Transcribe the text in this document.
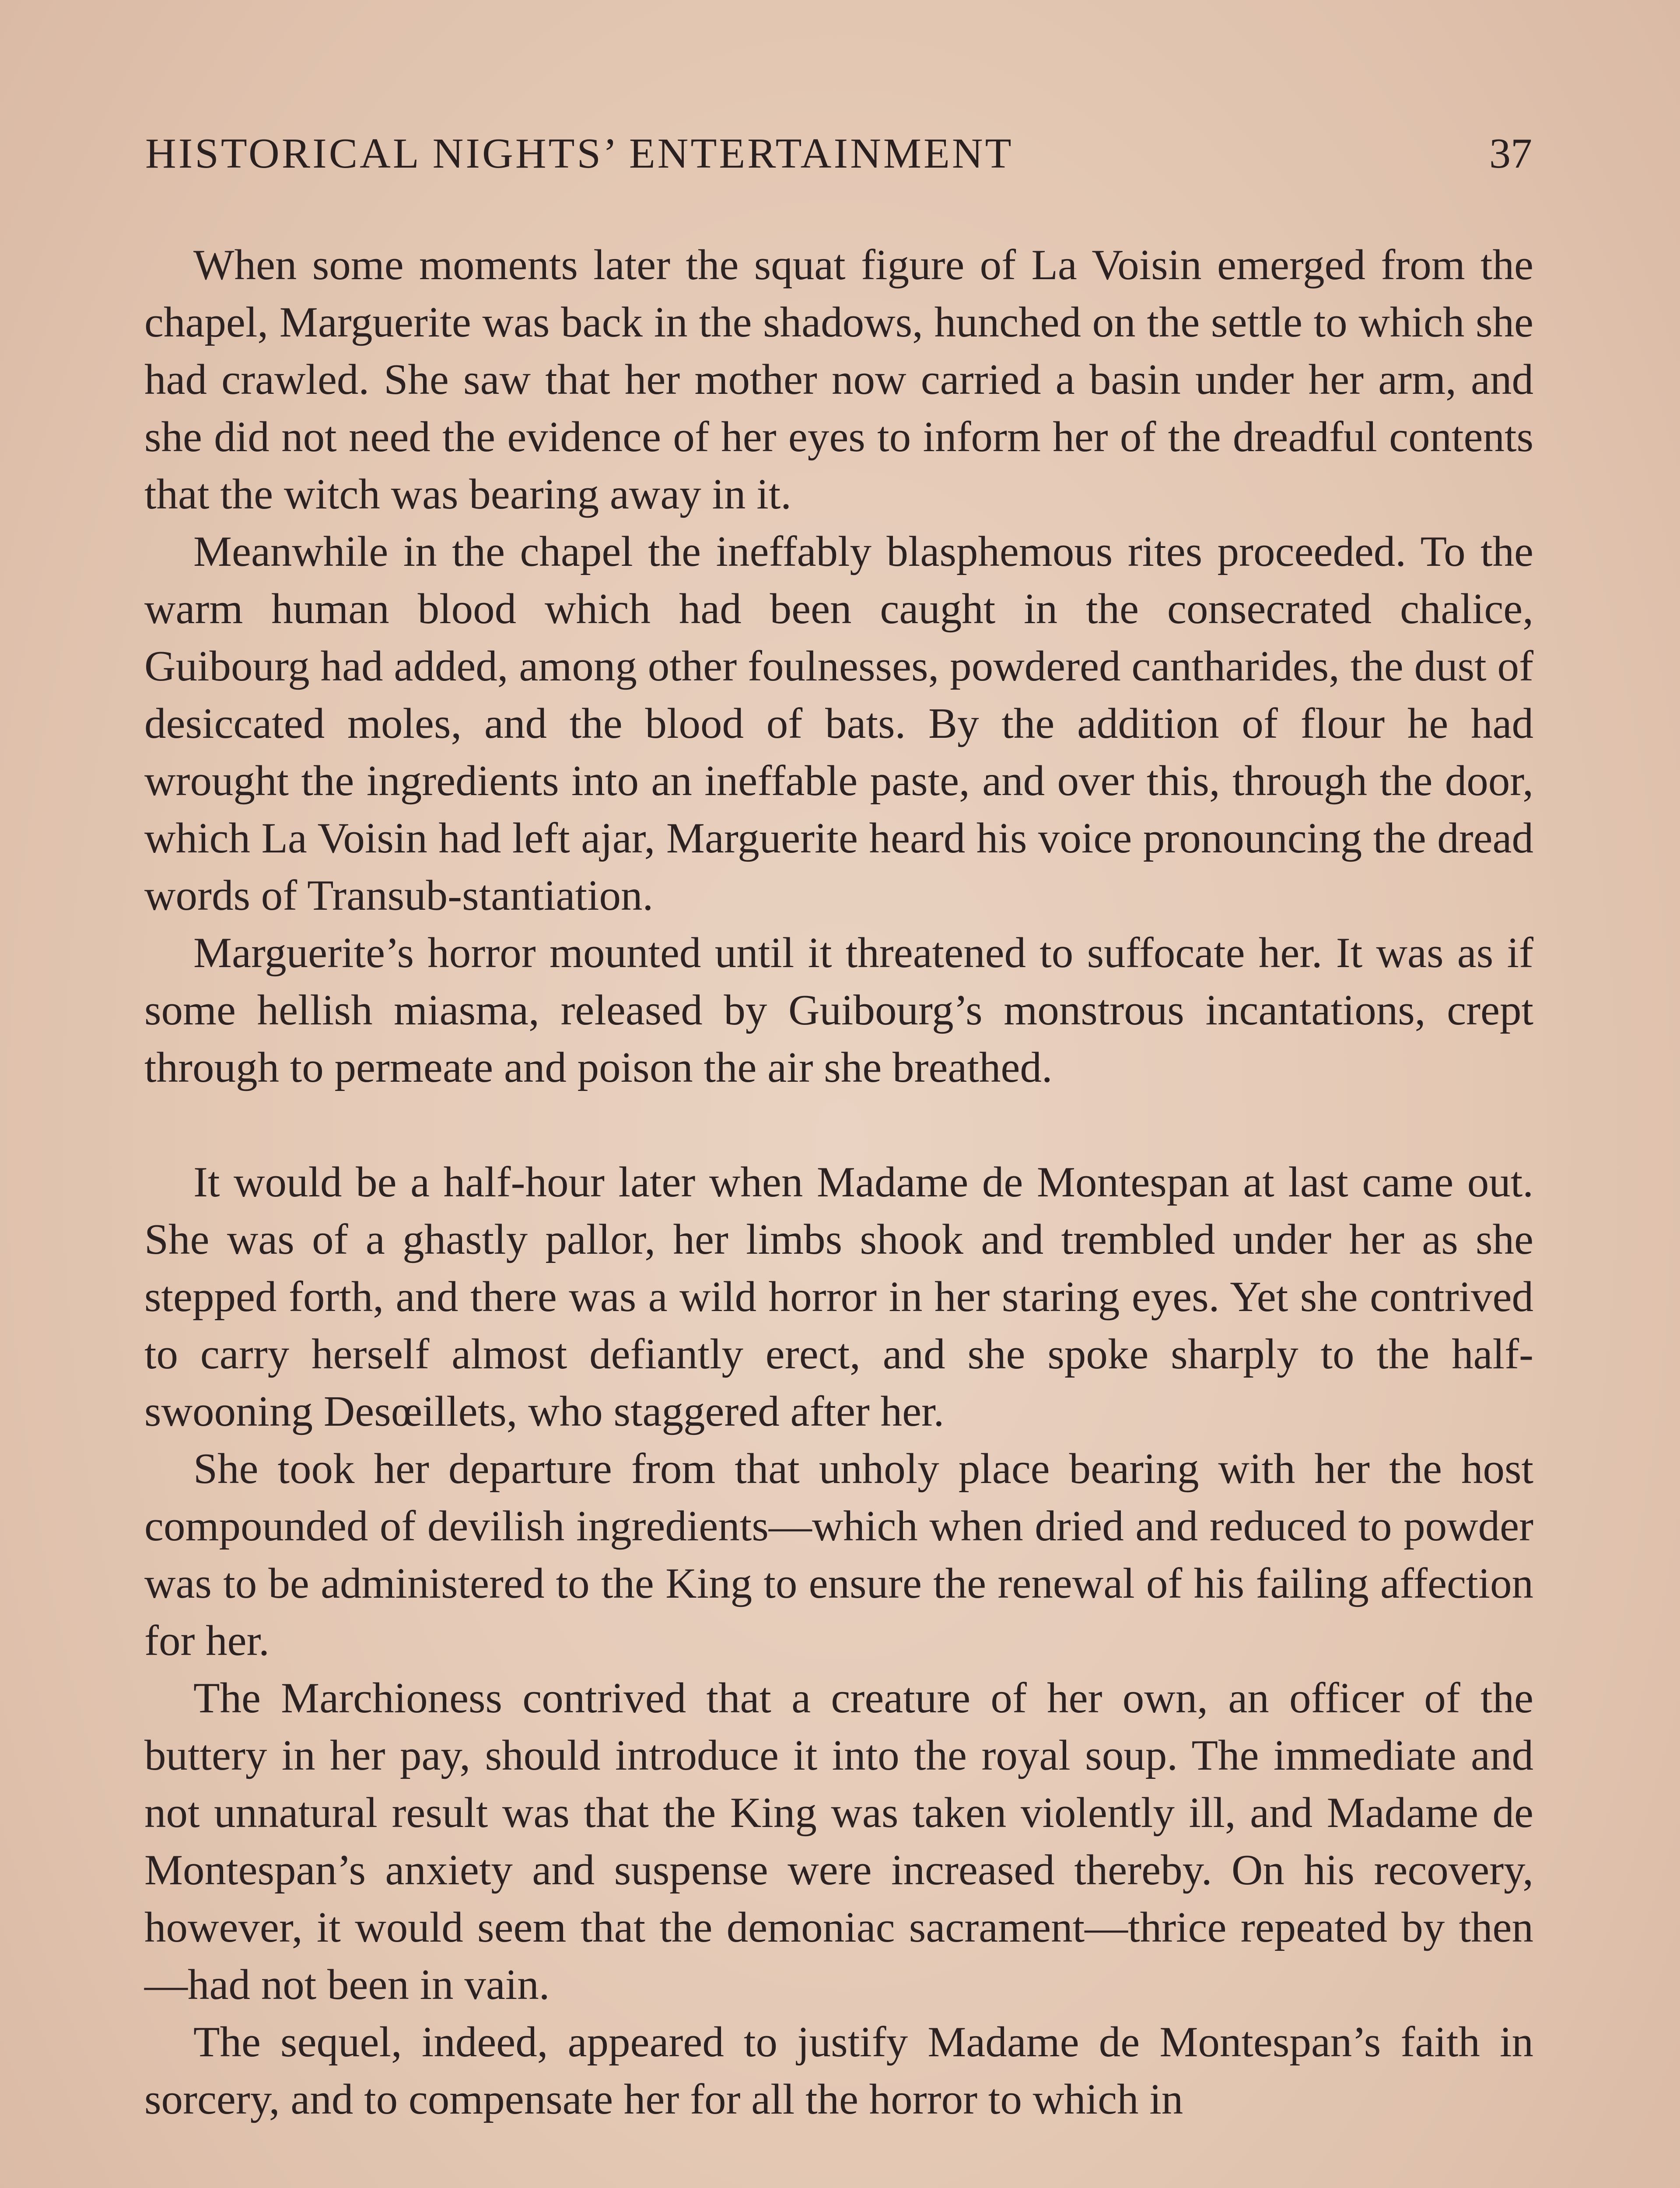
HISTORICAL NIGHTS’ ENTERTAINMENT	37

When some moments later the squat figure of La Voisin emerged from the chapel, Marguerite was back in the shadows, hunched on the settle to which she had crawled. She saw that her mother now carried a basin under her arm, and she did not need the evidence of her eyes to inform her of the dreadful contents that the witch was bearing away in it.

Meanwhile in the chapel the ineffably blasphemous rites proceeded. To the warm human blood which had been caught in the consecrated chalice, Guibourg had added, among other foulnesses, powdered cantharides, the dust of desiccated moles, and the blood of bats. By the addition of flour he had wrought the ingredients into an ineffable paste, and over this, through the door, which La Voisin had left ajar, Marguerite heard his voice pronouncing the dread words of Transub-stantiation.

Marguerite’s horror mounted until it threatened to suffocate her. It was as if some hellish miasma, released by Guibourg’s monstrous incantations, crept through to permeate and poison the air she breathed.

It would be a half-hour later when Madame de Montespan at last came out. She was of a ghastly pallor, her limbs shook and trembled under her as she stepped forth, and there was a wild horror in her staring eyes. Yet she contrived to carry herself almost defiantly erect, and she spoke sharply to the half-swooning Desœillets, who staggered after her.

She took her departure from that unholy place bearing with her the host compounded of devilish ingredients—which when dried and reduced to powder was to be administered to the King to ensure the renewal of his failing affection for her.

The Marchioness contrived that a creature of her own, an officer of the buttery in her pay, should introduce it into the royal soup. The immediate and not unnatural result was that the King was taken violently ill, and Madame de Montespan’s anxiety and suspense were increased thereby. On his recovery, however, it would seem that the demoniac sacrament—thrice repeated by then—had not been in vain.

The sequel, indeed, appeared to justify Madame de Montespan’s faith in sorcery, and to compensate her for all the horror to which in
